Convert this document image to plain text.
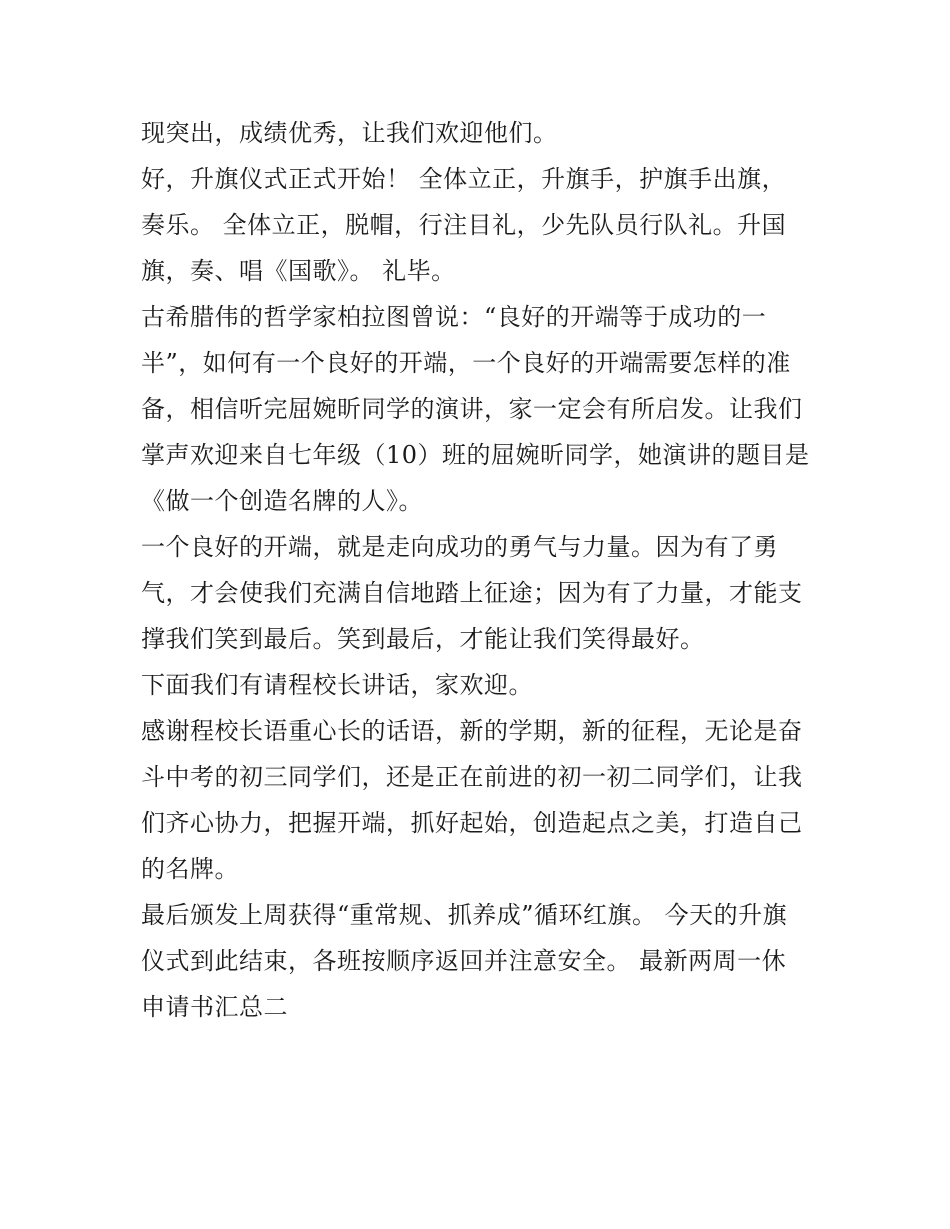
现突出，成绩优秀，让我们欢迎他们。
好，升旗仪式正式开始！ 全体立正，升旗手，护旗手出旗，
奏乐。 全体立正，脱帽，行注目礼，少先队员行队礼。升国
旗，奏、唱《国歌》。 礼毕。
古希腊伟的哲学家柏拉图曾说：“良好的开端等于成功的一
半”，如何有一个良好的开端，一个良好的开端需要怎样的准
备，相信听完屈婉昕同学的演讲，家一定会有所启发。让我们
掌声欢迎来自七年级（10）班的屈婉昕同学，她演讲的题目是
《做一个创造名牌的人》。
一个良好的开端，就是走向成功的勇气与力量。因为有了勇
气，才会使我们充满自信地踏上征途；因为有了力量，才能支
撑我们笑到最后。笑到最后，才能让我们笑得最好。
下面我们有请程校长讲话，家欢迎。
感谢程校长语重心长的话语，新的学期，新的征程，无论是奋
斗中考的初三同学们，还是正在前进的初一初二同学们，让我
们齐心协力，把握开端，抓好起始，创造起点之美，打造自己
的名牌。
最后颁发上周获得“重常规、抓养成”循环红旗。 今天的升旗
仪式到此结束，各班按顺序返回并注意安全。 最新两周一休
申请书汇总二
